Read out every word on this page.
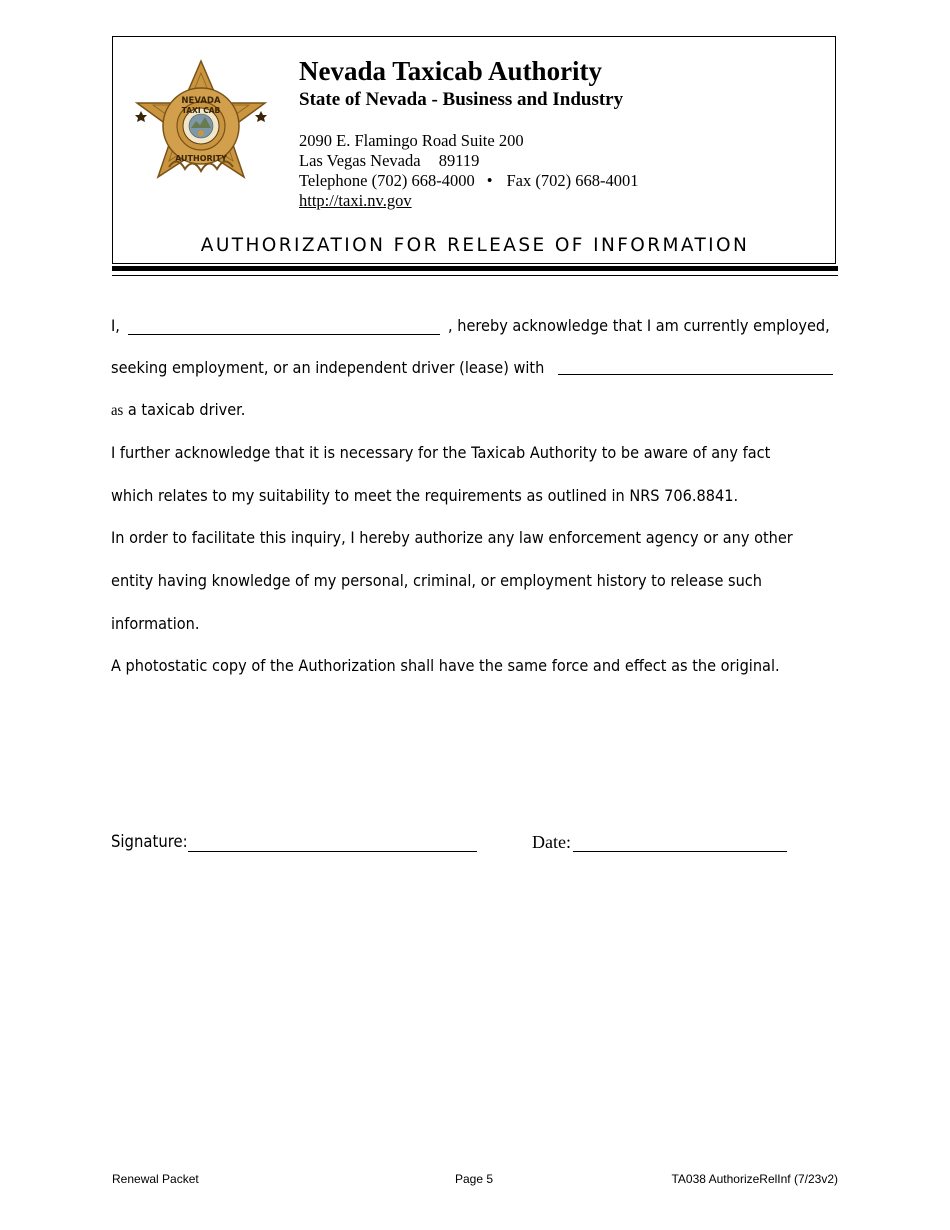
NEVADA
TAXI CAB
AUTHORITY
Nevada Taxicab Authority
State of Nevada - Business and Industry
2090 E. Flamingo Road Suite 200
Las Vegas Nevada 89119
Telephone (702) 668-4000 • Fax (702) 668-4001
http://taxi.nv.gov
AUTHORIZATION FOR RELEASE OF INFORMATION
I,	, hereby acknowledge that I am currently employed,
seeking employment, or an independent driver (lease) with
as a taxicab driver.
I further acknowledge that it is necessary for the Taxicab Authority to be aware of any fact
which relates to my suitability to meet the requirements as outlined in NRS 706.8841.
In order to facilitate this inquiry, I hereby authorize any law enforcement agency or any other
entity having knowledge of my personal, criminal, or employment history to release such
information.
A photostatic copy of the Authorization shall have the same force and effect as the original.
Signature:	Date:
Renewal Packet	Page 5	TA038 AuthorizeRelInf (7/23v2)
